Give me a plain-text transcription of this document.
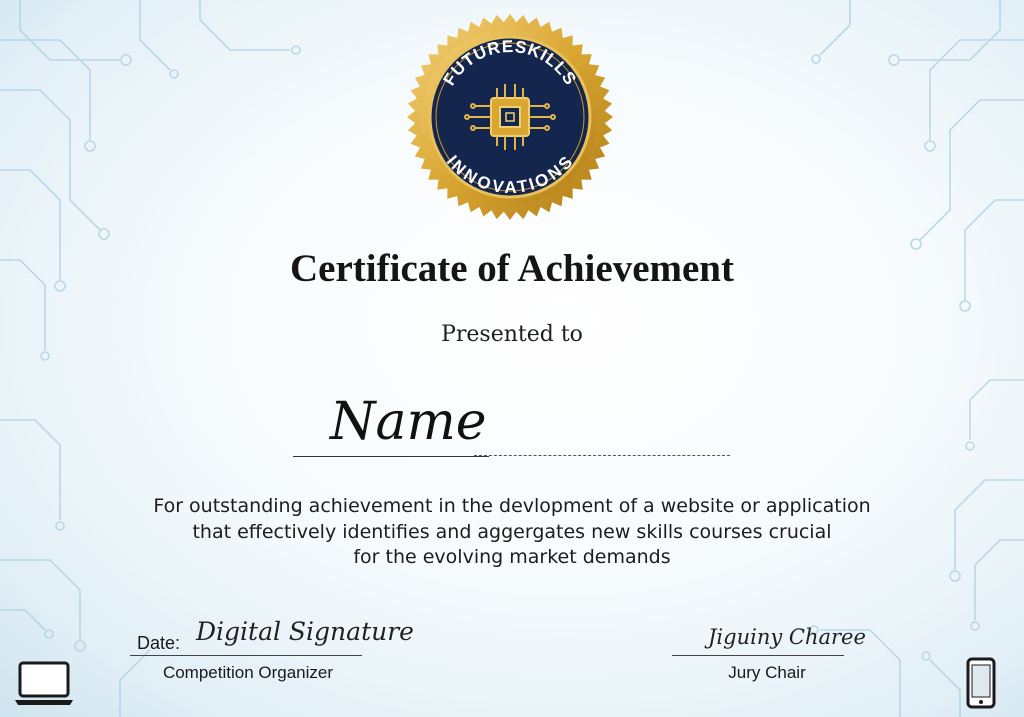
FUTURESKILLS
INNOVATIONS
Certificate of Achievement
Presented to
Name
For outstanding achievement in the devlopment of a website or application
that effectively identifies and aggergates new skills courses crucial
for the evolving market demands
Date: Digital Signature
Competition Organizer
Jiguiny Charee
Jury Chair
